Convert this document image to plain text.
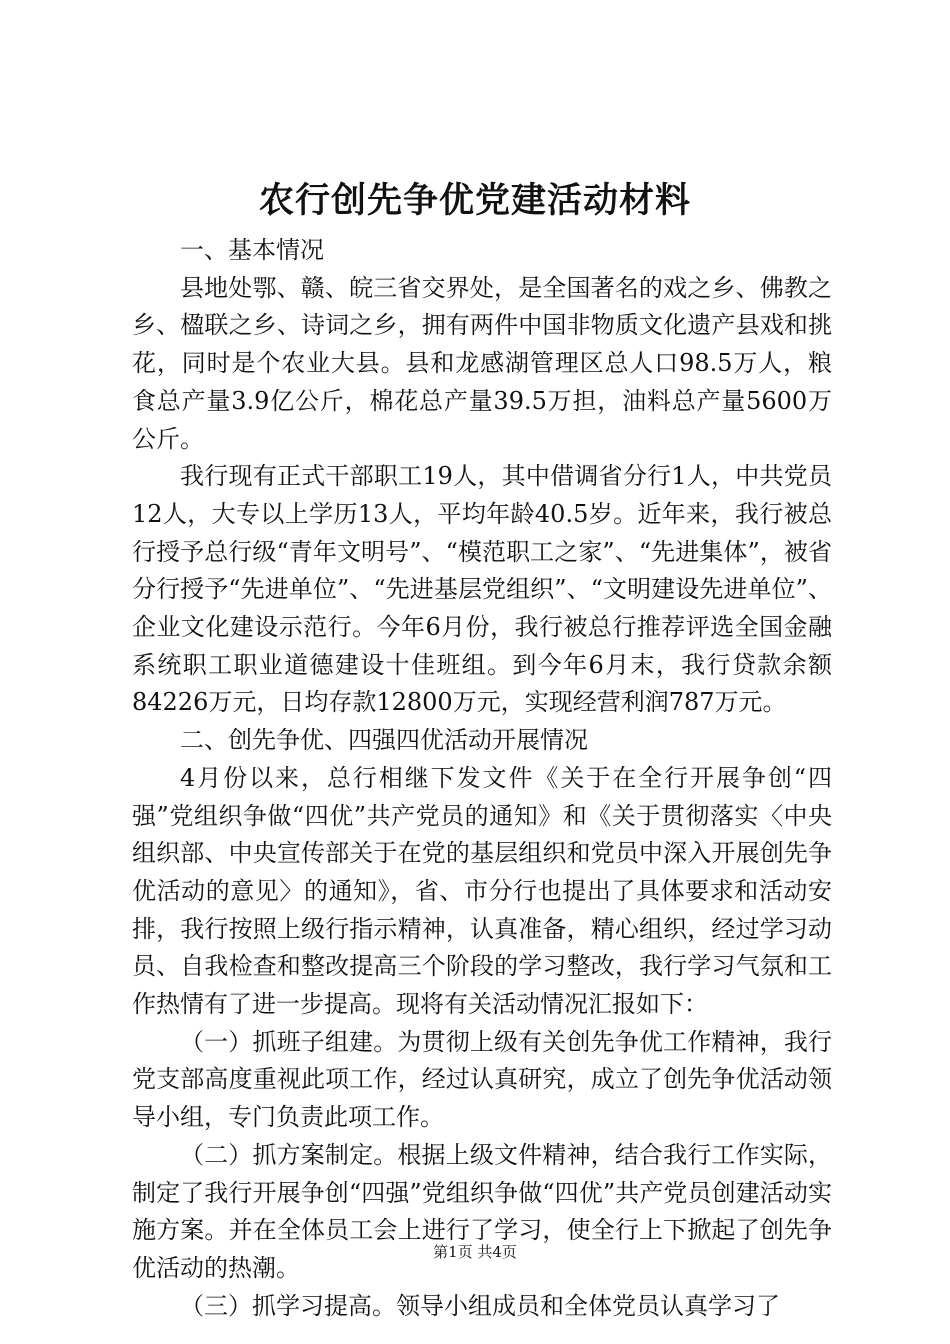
农行创先争优党建活动材料

一、基本情况

县地处鄂、赣、皖三省交界处，是全国著名的戏之乡、佛教之乡、楹联之乡、诗词之乡，拥有两件中国非物质文化遗产县戏和挑花，同时是个农业大县。县和龙感湖管理区总人口98.5万人，粮食总产量3.9亿公斤，棉花总产量39.5万担，油料总产量5600万公斤。

我行现有正式干部职工19人，其中借调省分行1人，中共党员12人，大专以上学历13人，平均年龄40.5岁。近年来，我行被总行授予总行级“青年文明号”、“模范职工之家”、“先进集体”，被省分行授予“先进单位”、“先进基层党组织”、“文明建设先进单位”、企业文化建设示范行。今年6月份，我行被总行推荐评选全国金融系统职工职业道德建设十佳班组。到今年6月末，我行贷款余额84226万元，日均存款12800万元，实现经营利润787万元。

二、创先争优、四强四优活动开展情况

4月份以来，总行相继下发文件《关于在全行开展争创“四强”党组织争做“四优”共产党员的通知》和《关于贯彻落实〈中央组织部、中央宣传部关于在党的基层组织和党员中深入开展创先争优活动的意见〉的通知》，省、市分行也提出了具体要求和活动安排，我行按照上级行指示精神，认真准备，精心组织，经过学习动员、自我检查和整改提高三个阶段的学习整改，我行学习气氛和工作热情有了进一步提高。现将有关活动情况汇报如下：

（一）抓班子组建。为贯彻上级有关创先争优工作精神，我行党支部高度重视此项工作，经过认真研究，成立了创先争优活动领导小组，专门负责此项工作。

（二）抓方案制定。根据上级文件精神，结合我行工作实际，制定了我行开展争创“四强”党组织争做“四优”共产党员创建活动实施方案。并在全体员工会上进行了学习，使全行上下掀起了创先争优活动的热潮。

（三）抓学习提高。领导小组成员和全体党员认真学习了

第1页 共4页
